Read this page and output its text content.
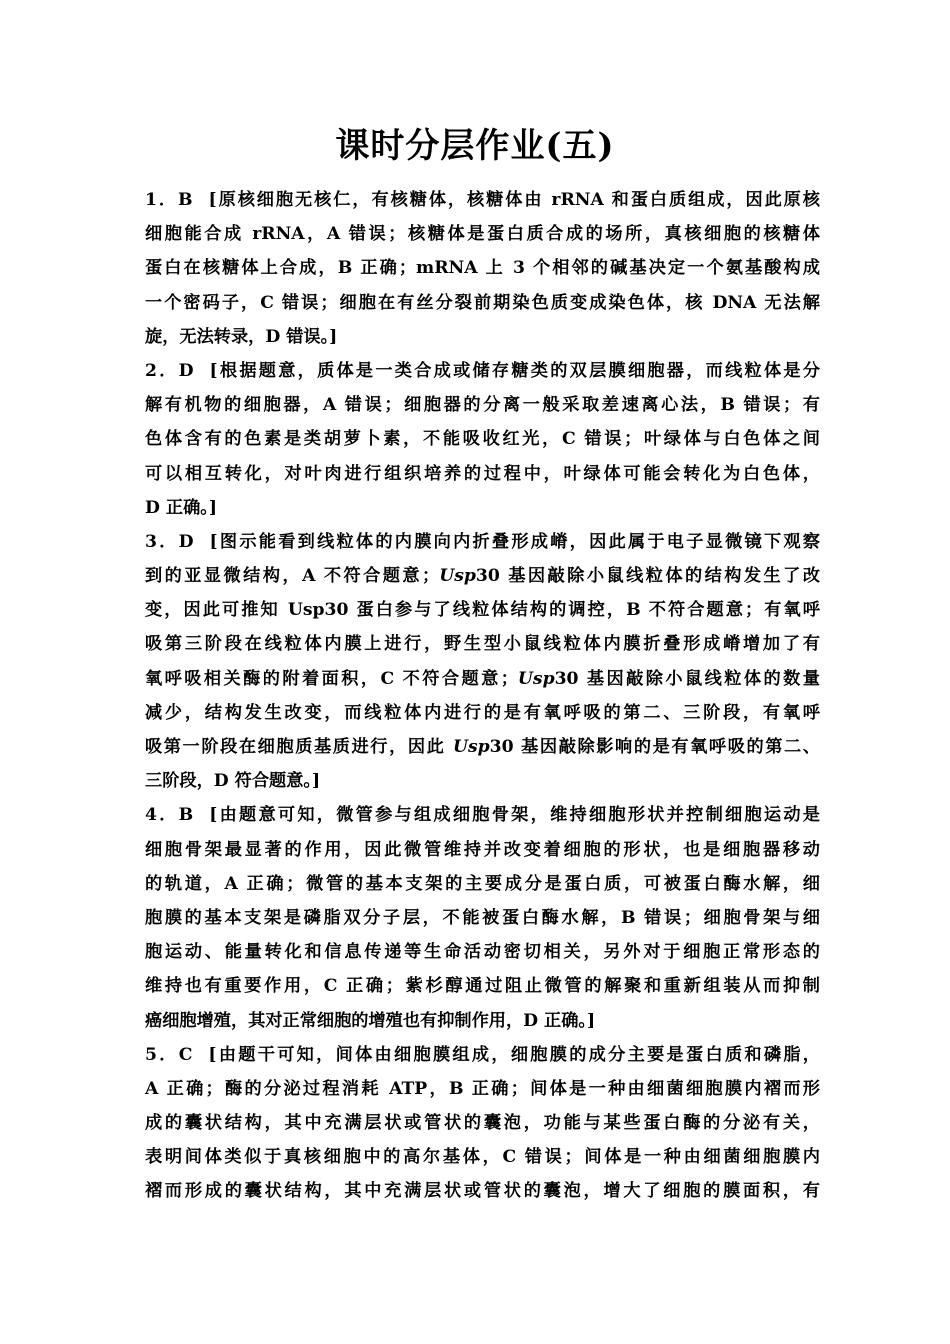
课时分层作业(五)
1．B [原核细胞无核仁，有核糖体，核糖体由 rRNA 和蛋白质组成，因此原核
细胞能合成 rRNA，A 错误；核糖体是蛋白质合成的场所，真核细胞的核糖体
蛋白在核糖体上合成，B 正确；mRNA 上 3 个相邻的碱基决定一个氨基酸构成
一个密码子，C 错误；细胞在有丝分裂前期染色质变成染色体，核 DNA 无法解
旋，无法转录，D 错误。]
2．D [根据题意，质体是一类合成或储存糖类的双层膜细胞器，而线粒体是分
解有机物的细胞器，A 错误；细胞器的分离一般采取差速离心法，B 错误；有
色体含有的色素是类胡萝卜素，不能吸收红光，C 错误；叶绿体与白色体之间
可以相互转化，对叶肉进行组织培养的过程中，叶绿体可能会转化为白色体，
D 正确。]
3．D [图示能看到线粒体的内膜向内折叠形成嵴，因此属于电子显微镜下观察
到的亚显微结构，A 不符合题意；Usp30 基因敲除小鼠线粒体的结构发生了改
变，因此可推知 Usp30 蛋白参与了线粒体结构的调控，B 不符合题意；有氧呼
吸第三阶段在线粒体内膜上进行，野生型小鼠线粒体内膜折叠形成嵴增加了有
氧呼吸相关酶的附着面积，C 不符合题意；Usp30 基因敲除小鼠线粒体的数量
减少，结构发生改变，而线粒体内进行的是有氧呼吸的第二、三阶段，有氧呼
吸第一阶段在细胞质基质进行，因此 Usp30 基因敲除影响的是有氧呼吸的第二、
三阶段，D 符合题意。]
4．B [由题意可知，微管参与组成细胞骨架，维持细胞形状并控制细胞运动是
细胞骨架最显著的作用，因此微管维持并改变着细胞的形状，也是细胞器移动
的轨道，A 正确；微管的基本支架的主要成分是蛋白质，可被蛋白酶水解，细
胞膜的基本支架是磷脂双分子层，不能被蛋白酶水解，B 错误；细胞骨架与细
胞运动、能量转化和信息传递等生命活动密切相关，另外对于细胞正常形态的
维持也有重要作用，C 正确；紫杉醇通过阻止微管的解聚和重新组装从而抑制
癌细胞增殖，其对正常细胞的增殖也有抑制作用，D 正确。]
5．C [由题干可知，间体由细胞膜组成，细胞膜的成分主要是蛋白质和磷脂，
A 正确；酶的分泌过程消耗 ATP，B 正确；间体是一种由细菌细胞膜内褶而形
成的囊状结构，其中充满层状或管状的囊泡，功能与某些蛋白酶的分泌有关，
表明间体类似于真核细胞中的高尔基体，C 错误；间体是一种由细菌细胞膜内
褶而形成的囊状结构，其中充满层状或管状的囊泡，增大了细胞的膜面积，有
